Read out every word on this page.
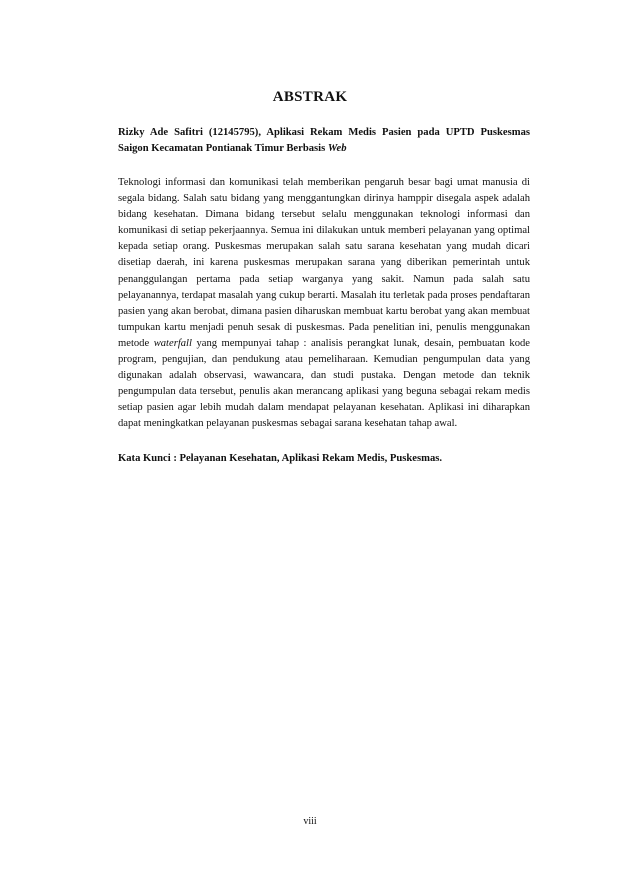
ABSTRAK

Rizky Ade Safitri (12145795), Aplikasi Rekam Medis Pasien pada UPTD Puskesmas Saigon Kecamatan Pontianak Timur Berbasis Web

Teknologi informasi dan komunikasi telah memberikan pengaruh besar bagi umat manusia di segala bidang. Salah satu bidang yang menggantungkan dirinya hamppir disegala aspek adalah bidang kesehatan. Dimana bidang tersebut selalu menggunakan teknologi informasi dan komunikasi di setiap pekerjaannya. Semua ini dilakukan untuk memberi pelayanan yang optimal kepada setiap orang. Puskesmas merupakan salah satu sarana kesehatan yang mudah dicari disetiap daerah, ini karena puskesmas merupakan sarana yang diberikan pemerintah untuk penanggulangan pertama pada setiap warganya yang sakit. Namun pada salah satu pelayanannya, terdapat masalah yang cukup berarti. Masalah itu terletak pada proses pendaftaran pasien yang akan berobat, dimana pasien diharuskan membuat kartu berobat yang akan membuat tumpukan kartu menjadi penuh sesak di puskesmas. Pada penelitian ini, penulis menggunakan metode waterfall yang mempunyai tahap : analisis perangkat lunak, desain, pembuatan kode program, pengujian, dan pendukung atau pemeliharaan. Kemudian pengumpulan data yang digunakan adalah observasi, wawancara, dan studi pustaka. Dengan metode dan teknik pengumpulan data tersebut, penulis akan merancang aplikasi yang beguna sebagai rekam medis setiap pasien agar lebih mudah dalam mendapat pelayanan kesehatan. Aplikasi ini diharapkan dapat meningkatkan pelayanan puskesmas sebagai sarana kesehatan tahap awal.

Kata Kunci : Pelayanan Kesehatan, Aplikasi Rekam Medis, Puskesmas.

viii
